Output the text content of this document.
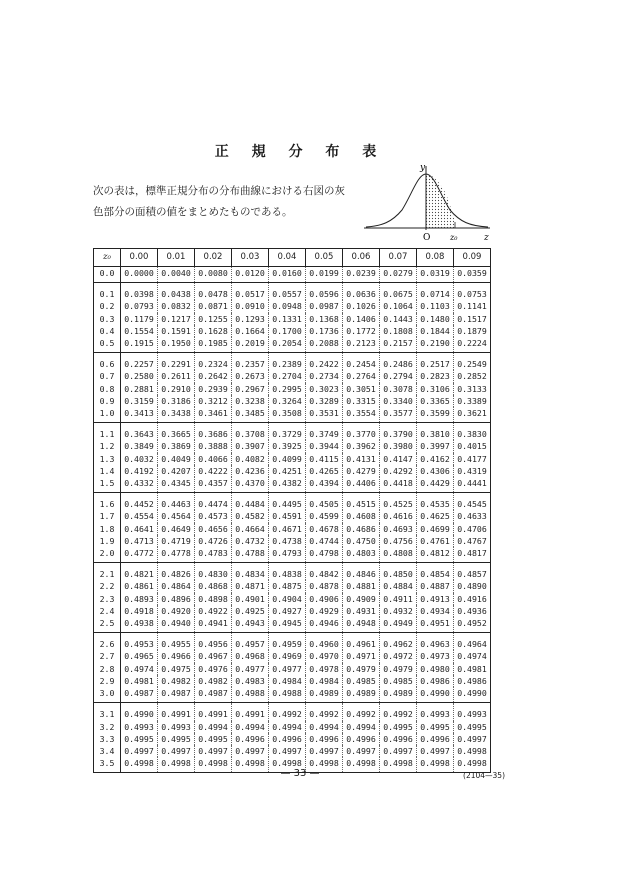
正 規 分 布 表
次の表は，標準正規分布の分布曲線における右図の灰
色部分の面積の値をまとめたものである。
y
O z₀	z
z₀	0.00	0.01	0.02	0.03	0.04	0.05	0.06	0.07	0.08	0.09
0.0	0.0000	0.0040	0.0080	0.0120	0.0160	0.0199	0.0239	0.0279	0.0319	0.0359
0.1	0.0398	0.0438	0.0478	0.0517	0.0557	0.0596	0.0636	0.0675	0.0714	0.0753
0.2	0.0793	0.0832	0.0871	0.0910	0.0948	0.0987	0.1026	0.1064	0.1103	0.1141
0.3	0.1179	0.1217	0.1255	0.1293	0.1331	0.1368	0.1406	0.1443	0.1480	0.1517
0.4	0.1554	0.1591	0.1628	0.1664	0.1700	0.1736	0.1772	0.1808	0.1844	0.1879
0.5	0.1915	0.1950	0.1985	0.2019	0.2054	0.2088	0.2123	0.2157	0.2190	0.2224
0.6	0.2257	0.2291	0.2324	0.2357	0.2389	0.2422	0.2454	0.2486	0.2517	0.2549
0.7	0.2580	0.2611	0.2642	0.2673	0.2704	0.2734	0.2764	0.2794	0.2823	0.2852
0.8	0.2881	0.2910	0.2939	0.2967	0.2995	0.3023	0.3051	0.3078	0.3106	0.3133
0.9	0.3159	0.3186	0.3212	0.3238	0.3264	0.3289	0.3315	0.3340	0.3365	0.3389
1.0	0.3413	0.3438	0.3461	0.3485	0.3508	0.3531	0.3554	0.3577	0.3599	0.3621
1.1	0.3643	0.3665	0.3686	0.3708	0.3729	0.3749	0.3770	0.3790	0.3810	0.3830
1.2	0.3849	0.3869	0.3888	0.3907	0.3925	0.3944	0.3962	0.3980	0.3997	0.4015
1.3	0.4032	0.4049	0.4066	0.4082	0.4099	0.4115	0.4131	0.4147	0.4162	0.4177
1.4	0.4192	0.4207	0.4222	0.4236	0.4251	0.4265	0.4279	0.4292	0.4306	0.4319
1.5	0.4332	0.4345	0.4357	0.4370	0.4382	0.4394	0.4406	0.4418	0.4429	0.4441
1.6	0.4452	0.4463	0.4474	0.4484	0.4495	0.4505	0.4515	0.4525	0.4535	0.4545
1.7	0.4554	0.4564	0.4573	0.4582	0.4591	0.4599	0.4608	0.4616	0.4625	0.4633
1.8	0.4641	0.4649	0.4656	0.4664	0.4671	0.4678	0.4686	0.4693	0.4699	0.4706
1.9	0.4713	0.4719	0.4726	0.4732	0.4738	0.4744	0.4750	0.4756	0.4761	0.4767
2.0	0.4772	0.4778	0.4783	0.4788	0.4793	0.4798	0.4803	0.4808	0.4812	0.4817
2.1	0.4821	0.4826	0.4830	0.4834	0.4838	0.4842	0.4846	0.4850	0.4854	0.4857
2.2	0.4861	0.4864	0.4868	0.4871	0.4875	0.4878	0.4881	0.4884	0.4887	0.4890
2.3	0.4893	0.4896	0.4898	0.4901	0.4904	0.4906	0.4909	0.4911	0.4913	0.4916
2.4	0.4918	0.4920	0.4922	0.4925	0.4927	0.4929	0.4931	0.4932	0.4934	0.4936
2.5	0.4938	0.4940	0.4941	0.4943	0.4945	0.4946	0.4948	0.4949	0.4951	0.4952
2.6	0.4953	0.4955	0.4956	0.4957	0.4959	0.4960	0.4961	0.4962	0.4963	0.4964
2.7	0.4965	0.4966	0.4967	0.4968	0.4969	0.4970	0.4971	0.4972	0.4973	0.4974
2.8	0.4974	0.4975	0.4976	0.4977	0.4977	0.4978	0.4979	0.4979	0.4980	0.4981
2.9	0.4981	0.4982	0.4982	0.4983	0.4984	0.4984	0.4985	0.4985	0.4986	0.4986
3.0	0.4987	0.4987	0.4987	0.4988	0.4988	0.4989	0.4989	0.4989	0.4990	0.4990
3.1	0.4990	0.4991	0.4991	0.4991	0.4992	0.4992	0.4992	0.4992	0.4993	0.4993
3.2	0.4993	0.4993	0.4994	0.4994	0.4994	0.4994	0.4994	0.4995	0.4995	0.4995
3.3	0.4995	0.4995	0.4995	0.4996	0.4996	0.4996	0.4996	0.4996	0.4996	0.4997
3.4	0.4997	0.4997	0.4997	0.4997	0.4997	0.4997	0.4997	0.4997	0.4997	0.4998
3.5	0.4998	0.4998	0.4998	0.4998	0.4998	0.4998	0.4998	0.4998	0.4998	0.4998
— 33 —	(2104—35)
